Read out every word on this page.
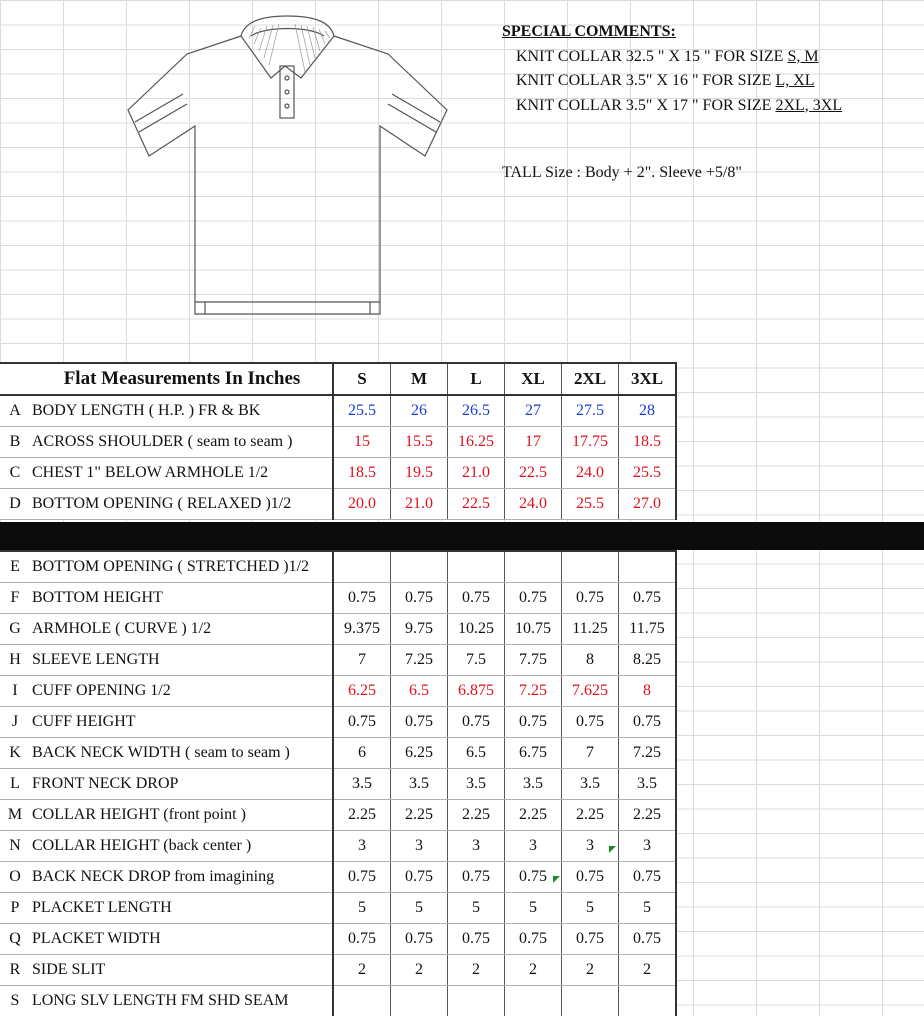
SPECIAL COMMENTS:
KNIT COLLAR 32.5 " X 15 " FOR SIZE S, M
KNIT COLLAR 3.5" X 16 " FOR SIZE L, XL
KNIT COLLAR 3.5" X 17 " FOR SIZE 2XL, 3XL
TALL Size : Body + 2". Sleeve +5/8"
	Flat Measurements In Inches	S	M	L	XL	2XL	3XL
A	BODY LENGTH ( H.P. ) FR & BK	25.5	26	26.5	27	27.5	28
B	ACROSS SHOULDER ( seam to seam )	15	15.5	16.25	17	17.75	18.5
C	CHEST 1" BELOW ARMHOLE 1/2	18.5	19.5	21.0	22.5	24.0	25.5
D	BOTTOM OPENING ( RELAXED )1/2	20.0	21.0	22.5	24.0	25.5	27.0
E	BOTTOM OPENING ( STRETCHED )1/2						
F	BOTTOM HEIGHT	0.75	0.75	0.75	0.75	0.75	0.75
G	ARMHOLE ( CURVE ) 1/2	9.375	9.75	10.25	10.75	11.25	11.75
H	SLEEVE LENGTH	7	7.25	7.5	7.75	8	8.25
I	CUFF OPENING 1/2	6.25	6.5	6.875	7.25	7.625	8
J	CUFF HEIGHT	0.75	0.75	0.75	0.75	0.75	0.75
K	BACK NECK WIDTH ( seam to seam )	6	6.25	6.5	6.75	7	7.25
L	FRONT NECK DROP	3.5	3.5	3.5	3.5	3.5	3.5
M	COLLAR HEIGHT (front point )	2.25	2.25	2.25	2.25	2.25	2.25
N	COLLAR HEIGHT (back center )	3	3	3	3	3	3
O	BACK NECK DROP from imagining	0.75	0.75	0.75	0.75	0.75	0.75
P	PLACKET LENGTH	5	5	5	5	5	5
Q	PLACKET WIDTH	0.75	0.75	0.75	0.75	0.75	0.75
R	SIDE SLIT	2	2	2	2	2	2
S	LONG SLV LENGTH FM SHD SEAM						
